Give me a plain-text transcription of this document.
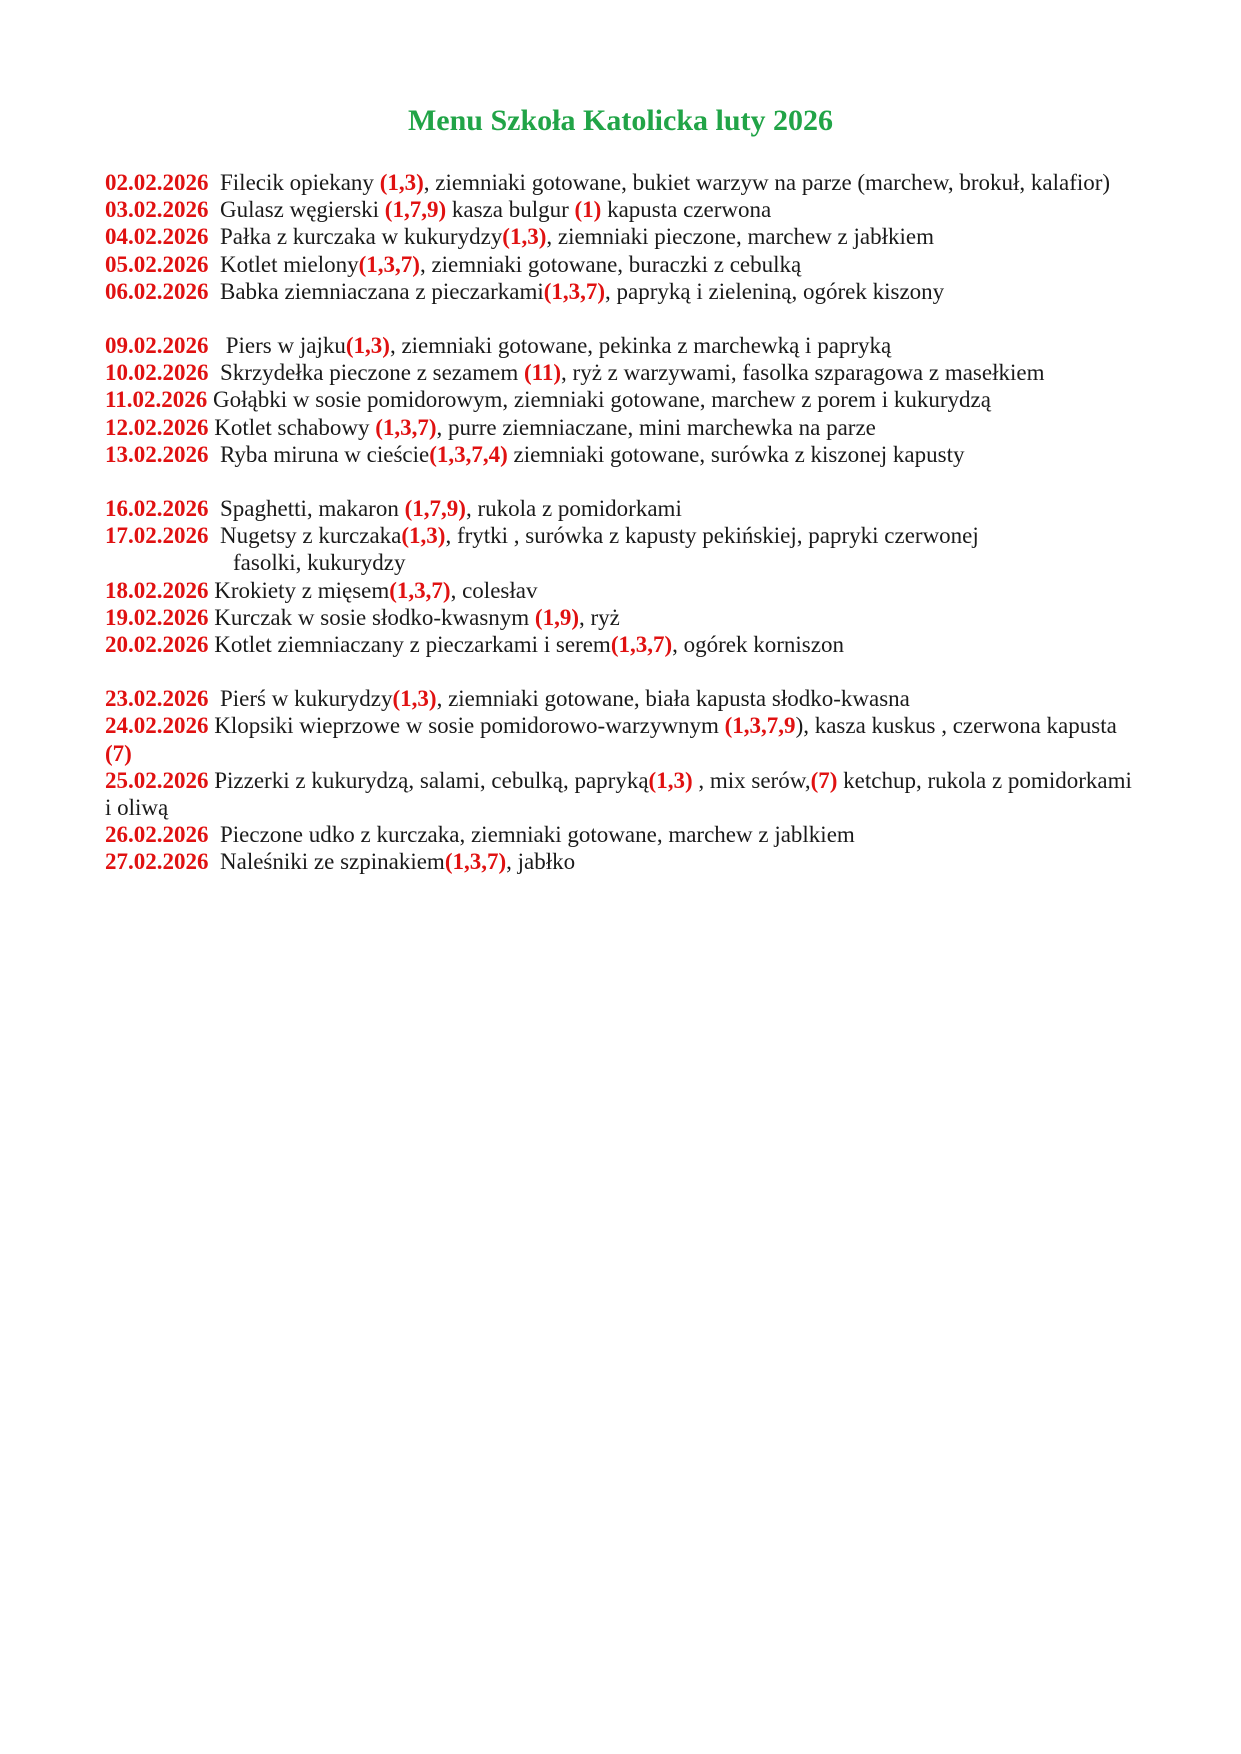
Menu Szkoła Katolicka luty 2026
02.02.2026 Filecik opiekany (1,3), ziemniaki gotowane, bukiet warzyw na parze (marchew, brokuł, kalafior)
03.02.2026 Gulasz węgierski (1,7,9) kasza bulgur (1) kapusta czerwona
04.02.2026 Pałka z kurczaka w kukurydzy(1,3), ziemniaki pieczone, marchew z jabłkiem
05.02.2026 Kotlet mielony(1,3,7), ziemniaki gotowane, buraczki z cebulką
06.02.2026 Babka ziemniaczana z pieczarkami(1,3,7), papryką i zieleniną, ogórek kiszony
09.02.2026 Piers w jajku(1,3), ziemniaki gotowane, pekinka z marchewką i papryką
10.02.2026 Skrzydełka pieczone z sezamem (11), ryż z warzywami, fasolka szparagowa z masełkiem
11.02.2026 Gołąbki w sosie pomidorowym, ziemniaki gotowane, marchew z porem i kukurydzą
12.02.2026 Kotlet schabowy (1,3,7), purre ziemniaczane, mini marchewka na parze
13.02.2026 Ryba miruna w cieście(1,3,7,4) ziemniaki gotowane, surówka z kiszonej kapusty
16.02.2026 Spaghetti, makaron (1,7,9), rukola z pomidorkami
17.02.2026 Nugetsy z kurczaka(1,3), frytki , surówka z kapusty pekińskiej, papryki czerwonej
fasolki, kukurydzy
18.02.2026 Krokiety z mięsem(1,3,7), colesłav
19.02.2026 Kurczak w sosie słodko-kwasnym (1,9), ryż
20.02.2026 Kotlet ziemniaczany z pieczarkami i serem(1,3,7), ogórek korniszon
23.02.2026 Pierś w kukurydzy(1,3), ziemniaki gotowane, biała kapusta słodko-kwasna
24.02.2026 Klopsiki wieprzowe w sosie pomidorowo-warzywnym (1,3,7,9), kasza kuskus , czerwona kapusta (7)
25.02.2026 Pizzerki z kukurydzą, salami, cebulką, papryką(1,3) , mix serów,(7) ketchup, rukola z pomidorkami i oliwą
26.02.2026 Pieczone udko z kurczaka, ziemniaki gotowane, marchew z jablkiem
27.02.2026 Naleśniki ze szpinakiem(1,3,7), jabłko
